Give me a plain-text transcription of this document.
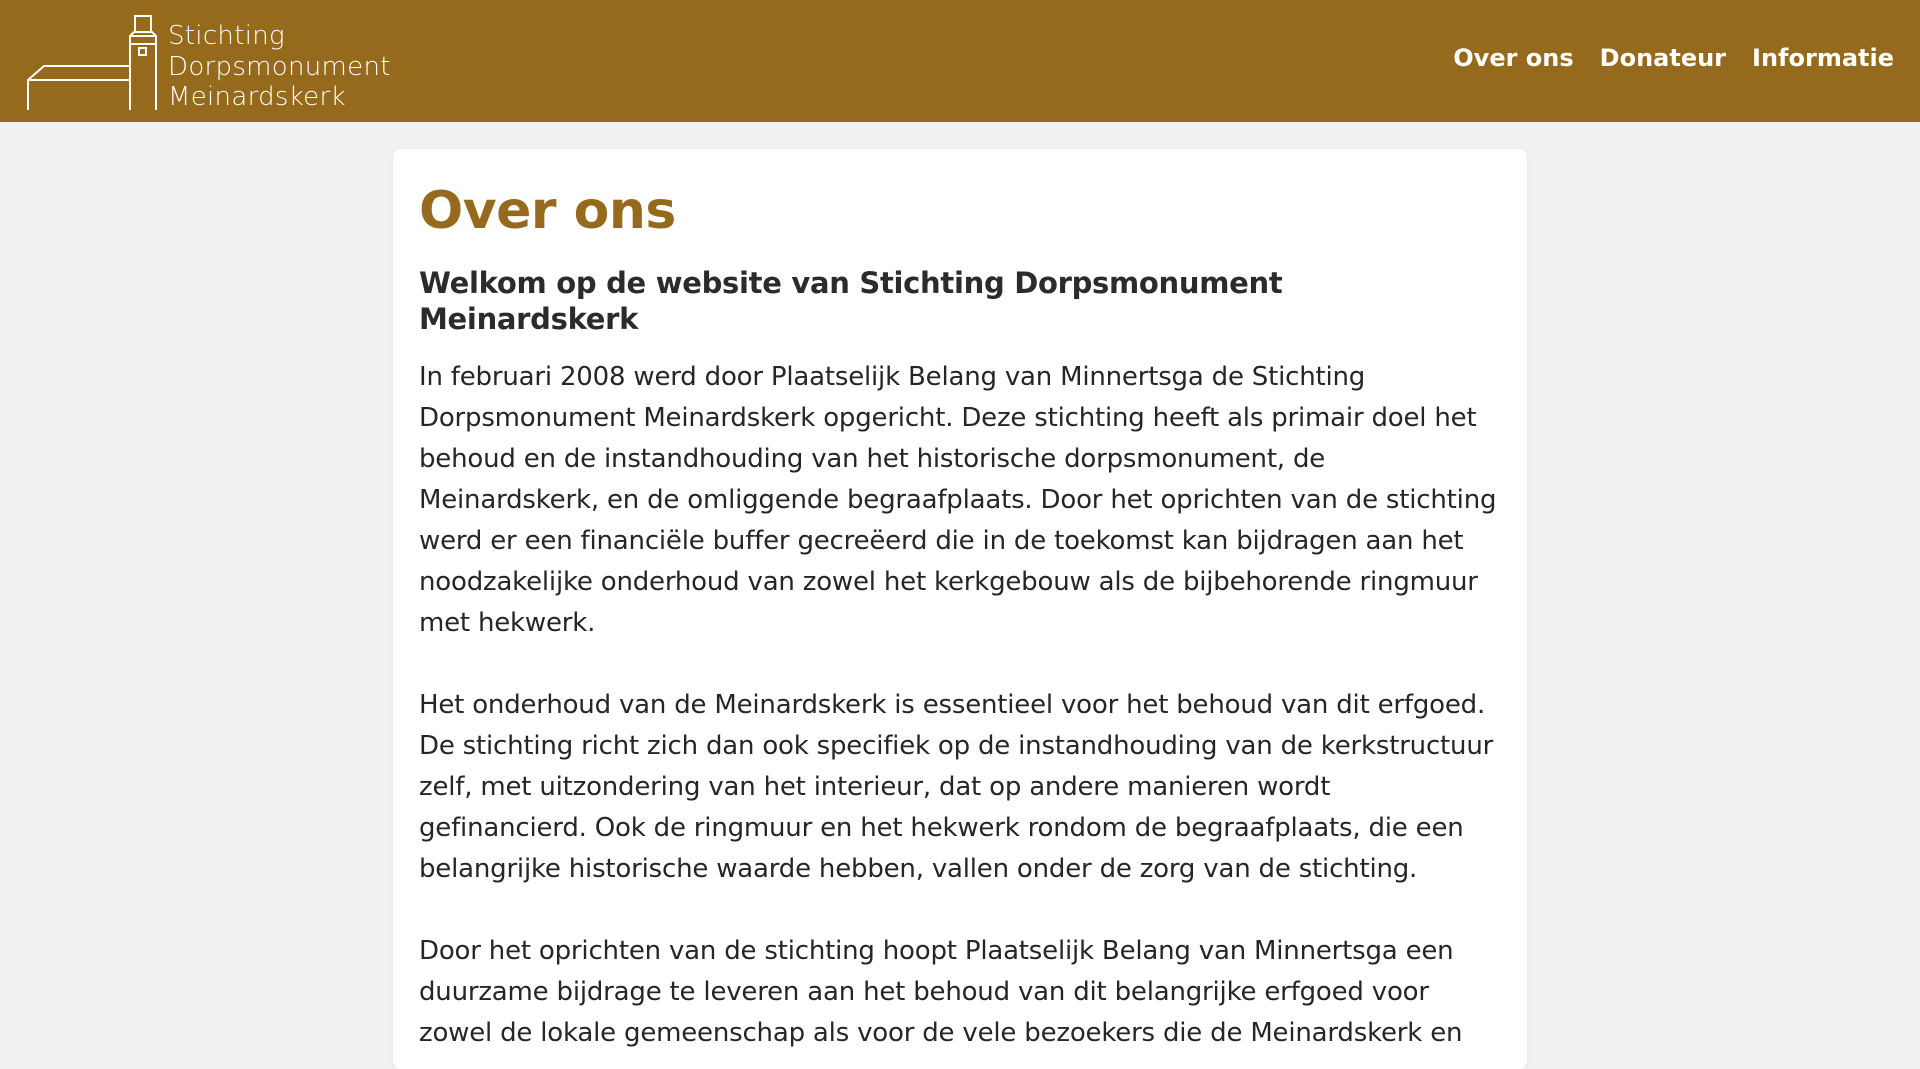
Stichting
Dorpsmonument
Meinardskerk
Over ons Donateur Informatie
Over ons
Welkom op de website van Stichting Dorpsmonument Meinardskerk

In februari 2008 werd door Plaatselijk Belang van Minnertsga de Stichting Dorpsmonument Meinardskerk opgericht. Deze stichting heeft als primair doel het behoud en de instandhouding van het historische dorpsmonument, de Meinardskerk, en de omliggende begraafplaats. Door het oprichten van de stichting werd er een financiële buffer gecreëerd die in de toekomst kan bijdragen aan het noodzakelijke onderhoud van zowel het kerkgebouw als de bijbehorende ringmuur met hekwerk.

Het onderhoud van de Meinardskerk is essentieel voor het behoud van dit erfgoed. De stichting richt zich dan ook specifiek op de instandhouding van de kerkstructuur zelf, met uitzondering van het interieur, dat op andere manieren wordt gefinancierd. Ook de ringmuur en het hekwerk rondom de begraafplaats, die een belangrijke historische waarde hebben, vallen onder de zorg van de stichting.

Door het oprichten van de stichting hoopt Plaatselijk Belang van Minnertsga een duurzame bijdrage te leveren aan het behoud van dit belangrijke erfgoed voor zowel de lokale gemeenschap als voor de vele bezoekers die de Meinardskerk en
